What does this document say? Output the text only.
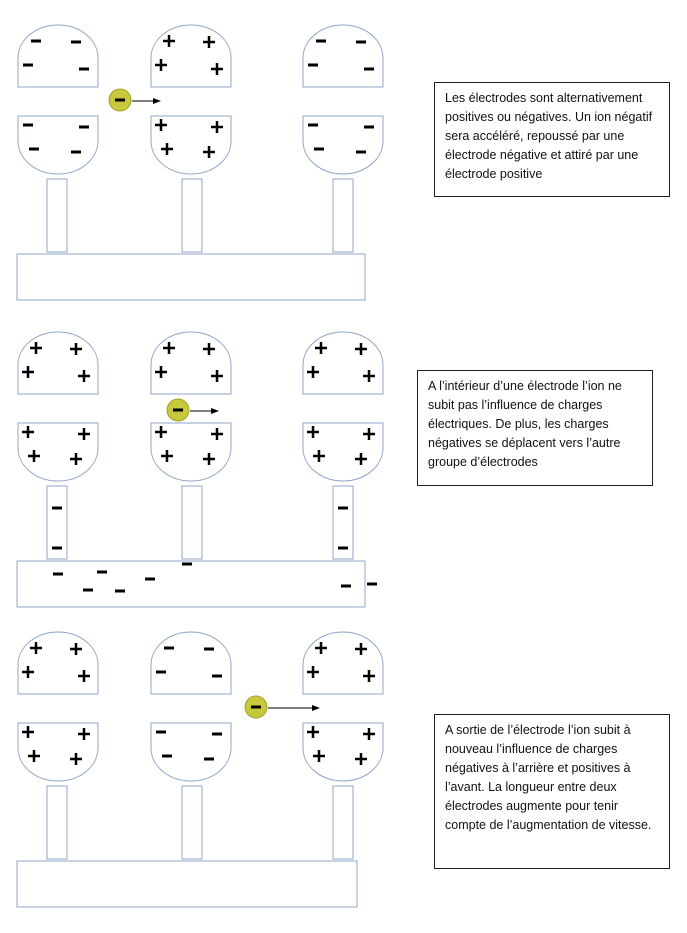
Les électrodes sont alternativement positives ou négatives. Un ion négatif sera accéléré, repoussé par une électrode négative et attiré par une électrode positive
A l’intérieur d’une électrode l’ion ne subit pas l’influence de charges électriques. De plus, les charges négatives se déplacent vers l’autre groupe d’électrodes
A sortie de l’électrode l’ion subit à nouveau l’influence de charges négatives à l’arrière et positives à l’avant. La longueur entre deux électrodes augmente pour tenir compte de l’augmentation de vitesse.
